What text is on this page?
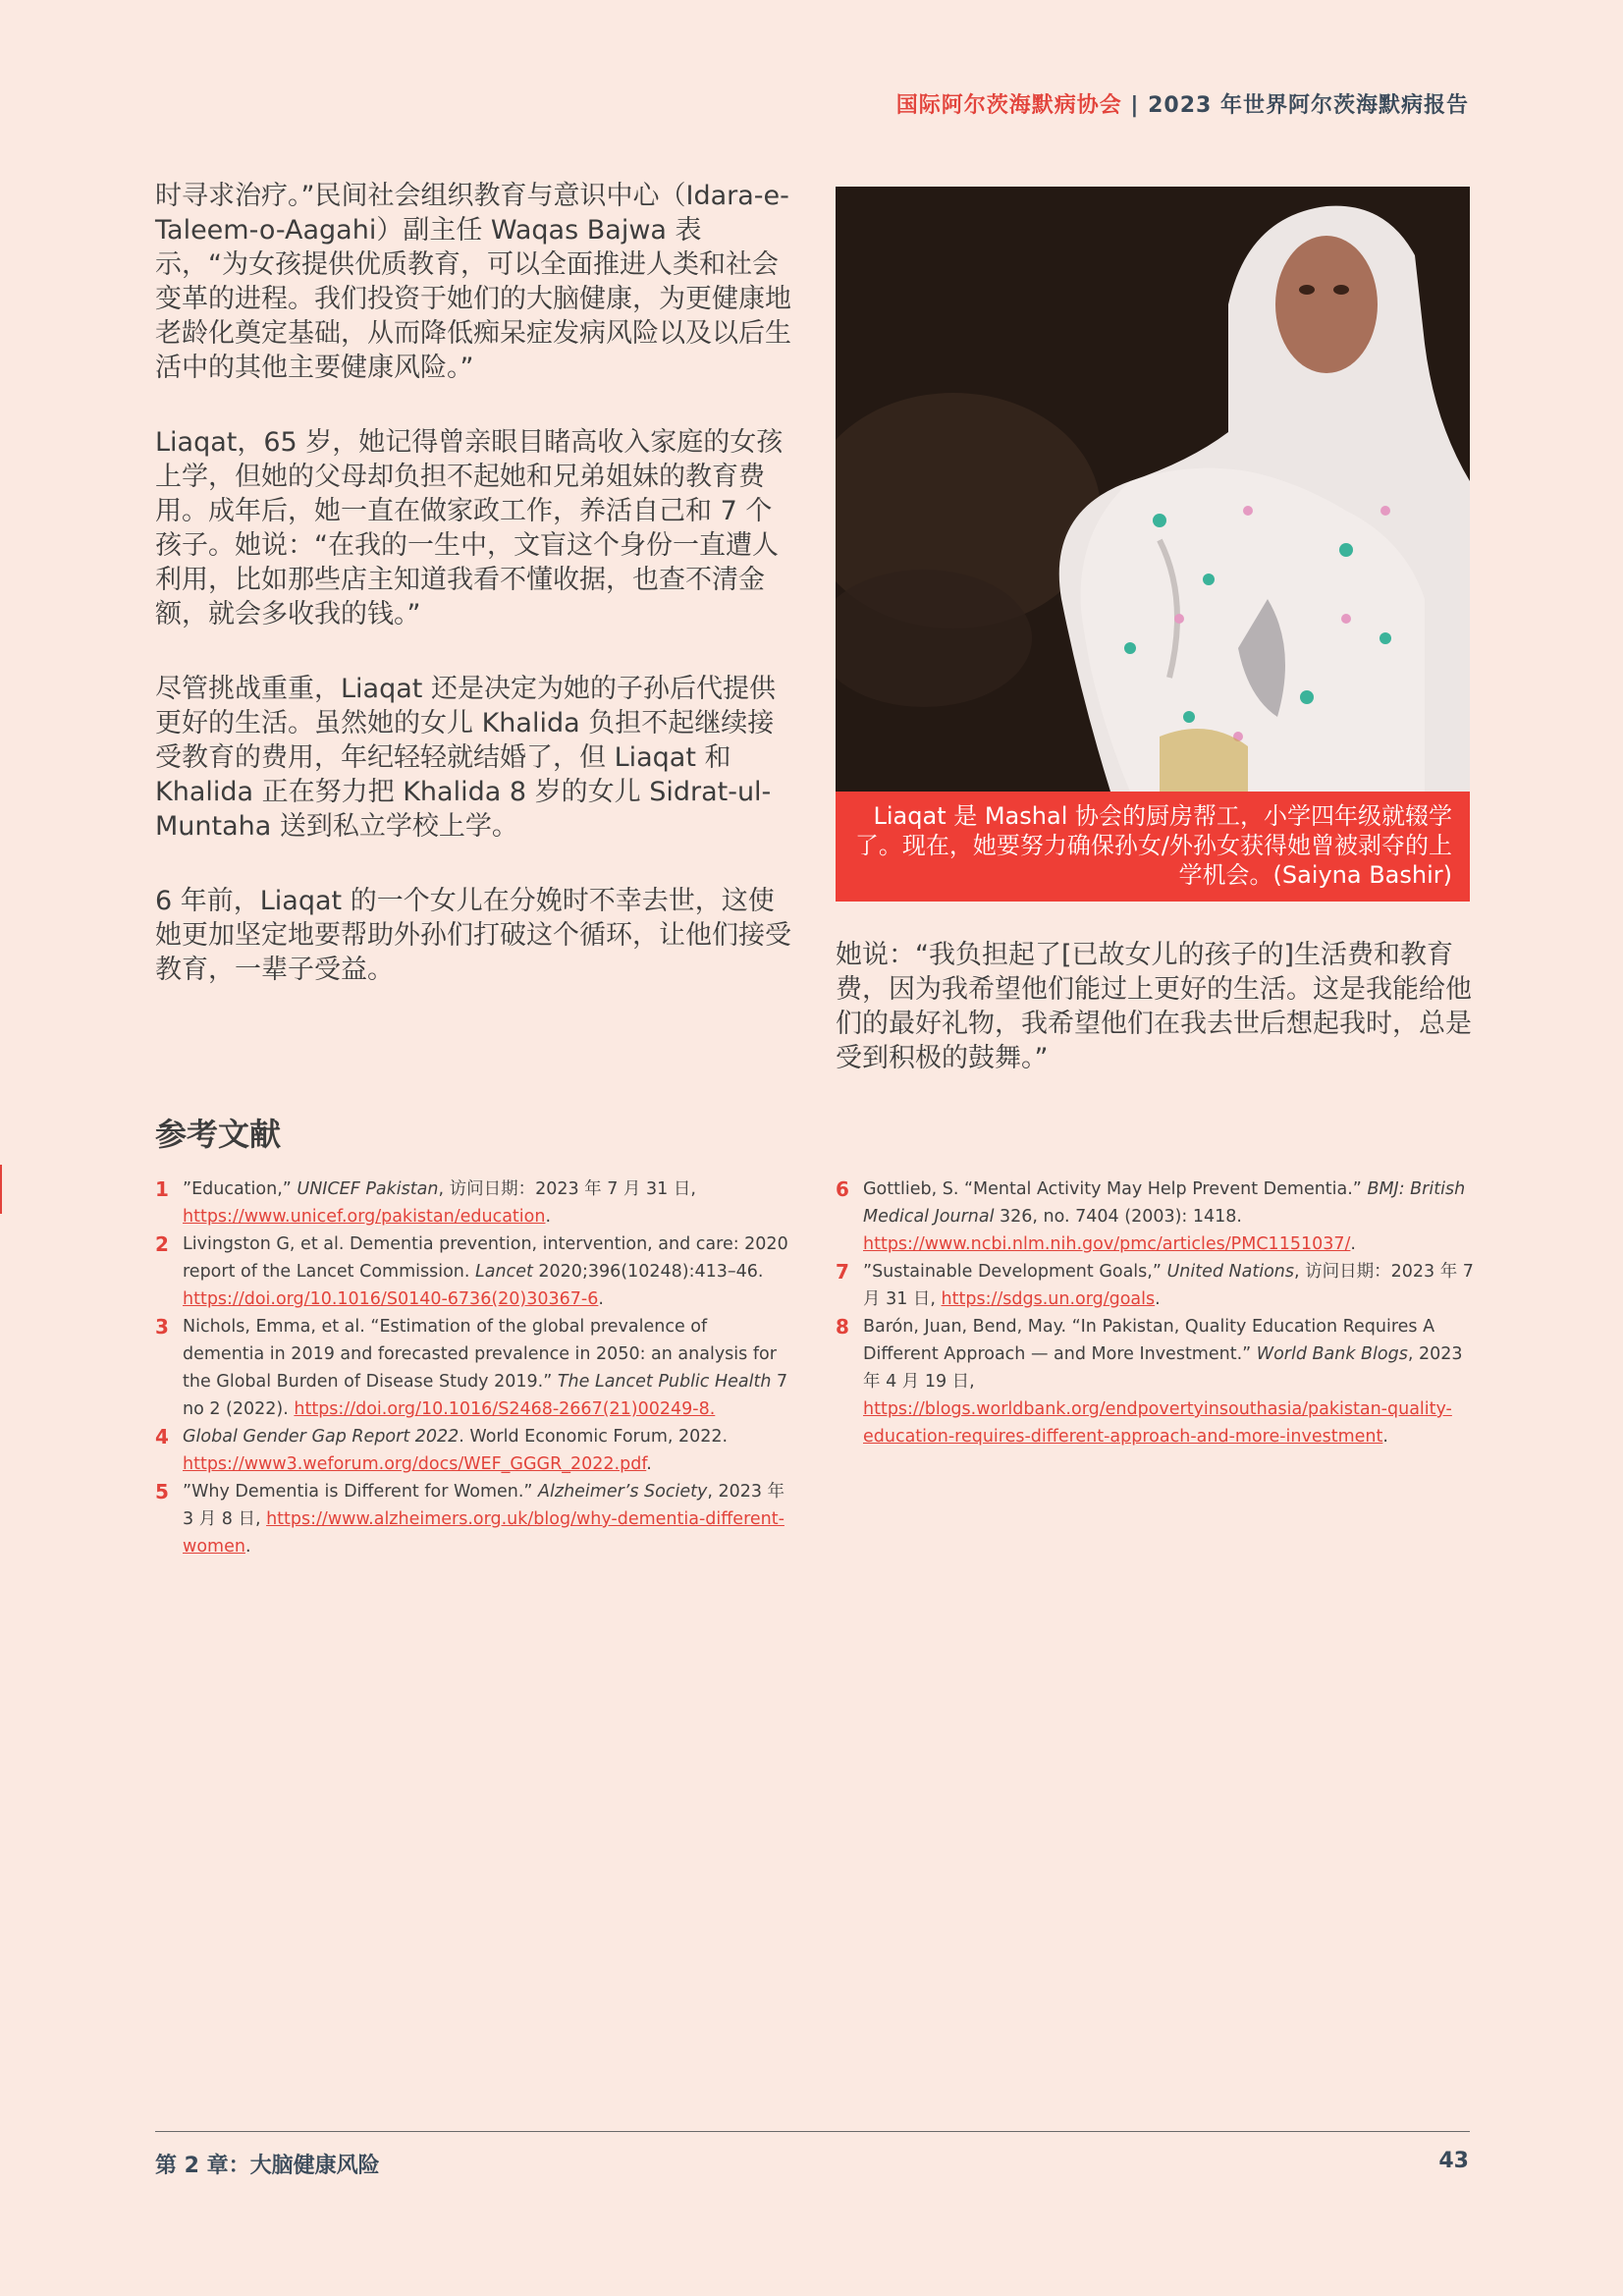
国际阿尔茨海默病协会 | 2023 年世界阿尔茨海默病报告

时寻求治疗。”民间社会组织教育与意识中心（Idara-e-Taleem-o-Aagahi）副主任 Waqas Bajwa 表示，“为女孩提供优质教育，可以全面推进人类和社会变革的进程。我们投资于她们的大脑健康，为更健康地老龄化奠定基础，从而降低痴呆症发病风险以及以后生活中的其他主要健康风险。”

Liaqat，65 岁，她记得曾亲眼目睹高收入家庭的女孩上学，但她的父母却负担不起她和兄弟姐妹的教育费用。成年后，她一直在做家政工作，养活自己和 7 个孩子。她说：“在我的一生中，文盲这个身份一直遭人利用，比如那些店主知道我看不懂收据，也查不清金额，就会多收我的钱。”

尽管挑战重重，Liaqat 还是决定为她的子孙后代提供更好的生活。虽然她的女儿 Khalida 负担不起继续接受教育的费用，年纪轻轻就结婚了，但 Liaqat 和 Khalida 正在努力把 Khalida 8 岁的女儿 Sidrat-ul-Muntaha 送到私立学校上学。

6 年前，Liaqat 的一个女儿在分娩时不幸去世，这使她更加坚定地要帮助外孙们打破这个循环，让他们接受教育，一辈子受益。

Liaqat 是 Mashal 协会的厨房帮工，小学四年级就辍学了。现在，她要努力确保孙女/外孙女获得她曾被剥夺的上学机会。(Saiyna Bashir)

她说：“我负担起了[已故女儿的孩子的]生活费和教育费，因为我希望他们能过上更好的生活。这是我能给他们的最好礼物，我希望他们在我去世后想起我时，总是受到积极的鼓舞。”

参考文献
1 ”Education,” UNICEF Pakistan, 访问日期：2023 年 7 月 31 日, https://www.unicef.org/pakistan/education.
2 Livingston G, et al. Dementia prevention, intervention, and care: 2020 report of the Lancet Commission. Lancet 2020;396(10248):413–46. https://doi.org/10.1016/S0140-6736(20)30367-6.
3 Nichols, Emma, et al. “Estimation of the global prevalence of dementia in 2019 and forecasted prevalence in 2050: an analysis for the Global Burden of Disease Study 2019.” The Lancet Public Health 7 no 2 (2022). https://doi.org/10.1016/S2468-2667(21)00249-8.
4 Global Gender Gap Report 2022. World Economic Forum, 2022. https://www3.weforum.org/docs/WEF_GGGR_2022.pdf.
5 ”Why Dementia is Different for Women.” Alzheimer’s Society, 2023 年 3 月 8 日, https://www.alzheimers.org.uk/blog/why-dementia-different-women.
6 Gottlieb, S. “Mental Activity May Help Prevent Dementia.” BMJ: British Medical Journal 326, no. 7404 (2003): 1418. https://www.ncbi.nlm.nih.gov/pmc/articles/PMC1151037/.
7 ”Sustainable Development Goals,” United Nations, 访问日期：2023 年 7 月 31 日, https://sdgs.un.org/goals.
8 Barón, Juan, Bend, May. “In Pakistan, Quality Education Requires A Different Approach — and More Investment.” World Bank Blogs, 2023 年 4 月 19 日, https://blogs.worldbank.org/endpovertyinsouthasia/pakistan-quality-education-requires-different-approach-and-more-investment.
第 2 章：大脑健康风险	43
